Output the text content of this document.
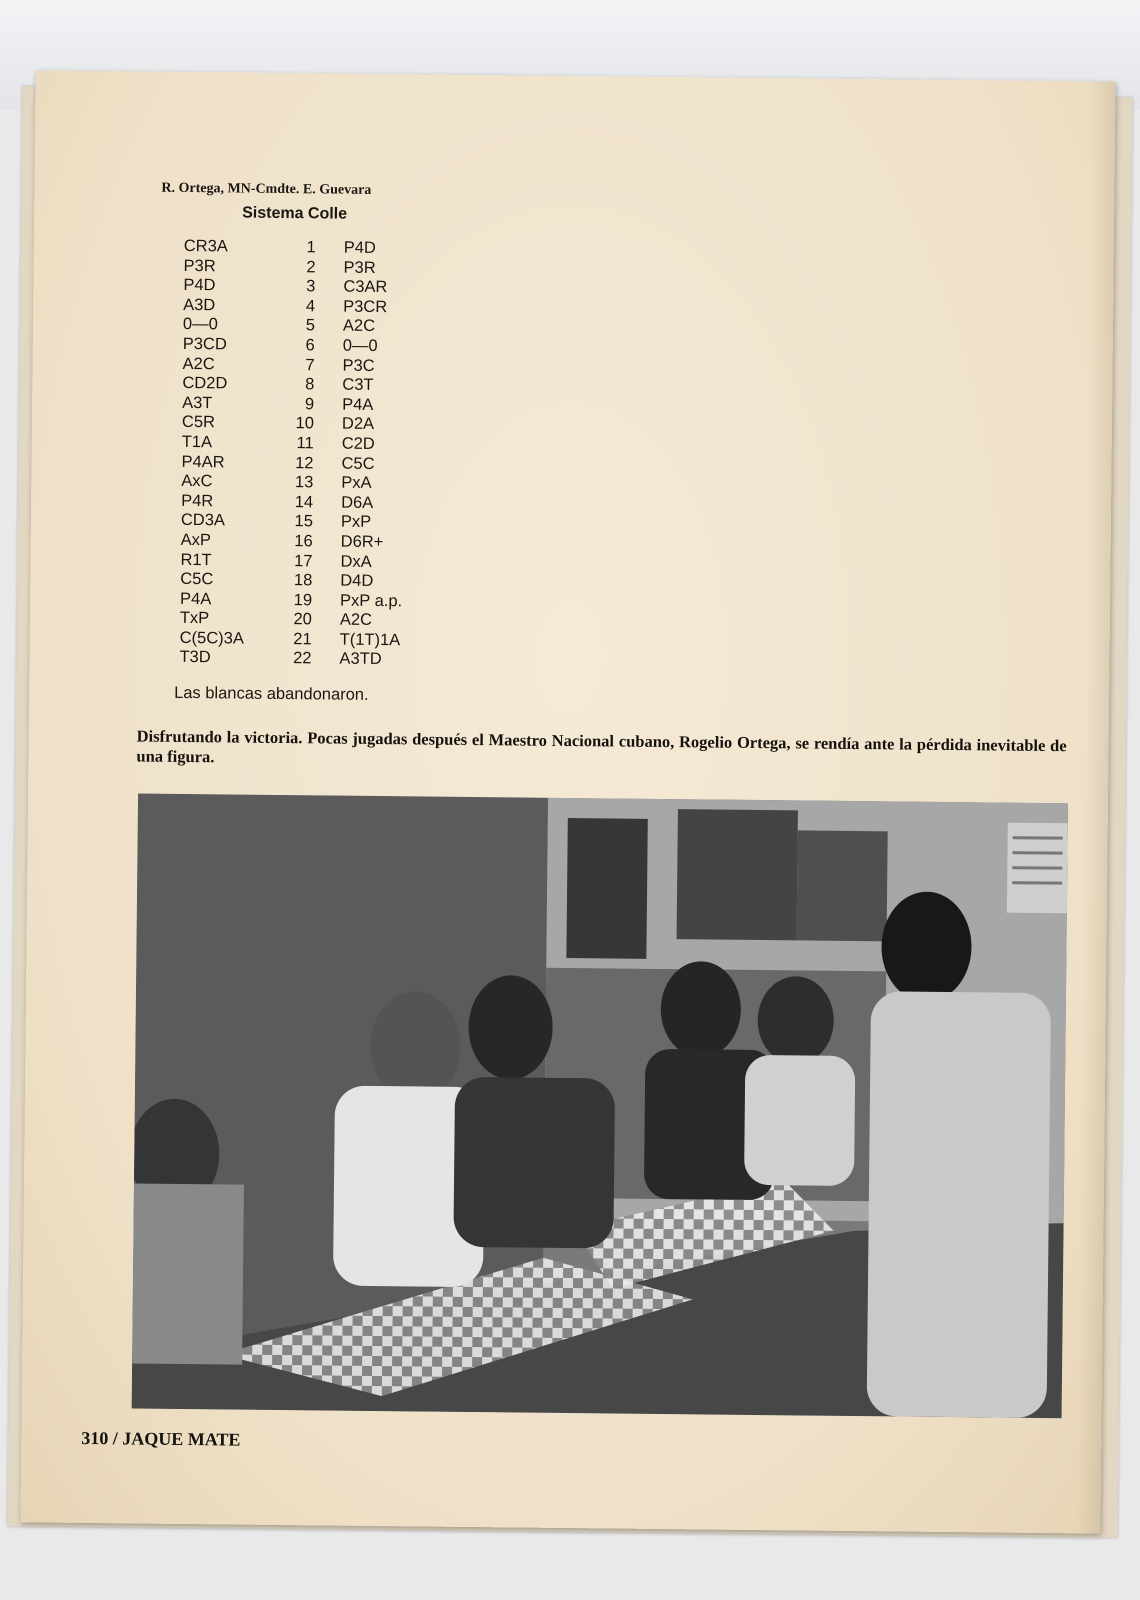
R. Ortega, MN-Cmdte. E. Guevara
Sistema Colle
CR3A	1 P4D
P3R	2 P3R
P4D	3 C3AR
A3D	4 P3CR
0—0	5 A2C
P3CD	6 0—0
A2C	7 P3C
CD2D	8 C3T
A3T	9 P4A
C5R	10 D2A
T1A	11 C2D
P4AR	12 C5C
AxC	13 PxA
P4R	14 D6A
CD3A	15 PxP
AxP	16 D6R+
R1T	17 DxA
C5C	18 D4D
P4A	19 PxP a.p.
TxP	20 A2C
C(5C)3A	21 T(1T)1A
T3D	22 A3TD
Las blancas abandonaron.
Disfrutando la victoria. Pocas jugadas después el Maestro Nacional cubano, Rogelio Ortega, se rendía ante la pérdida inevitable de una figura.
310 / JAQUE MATE
